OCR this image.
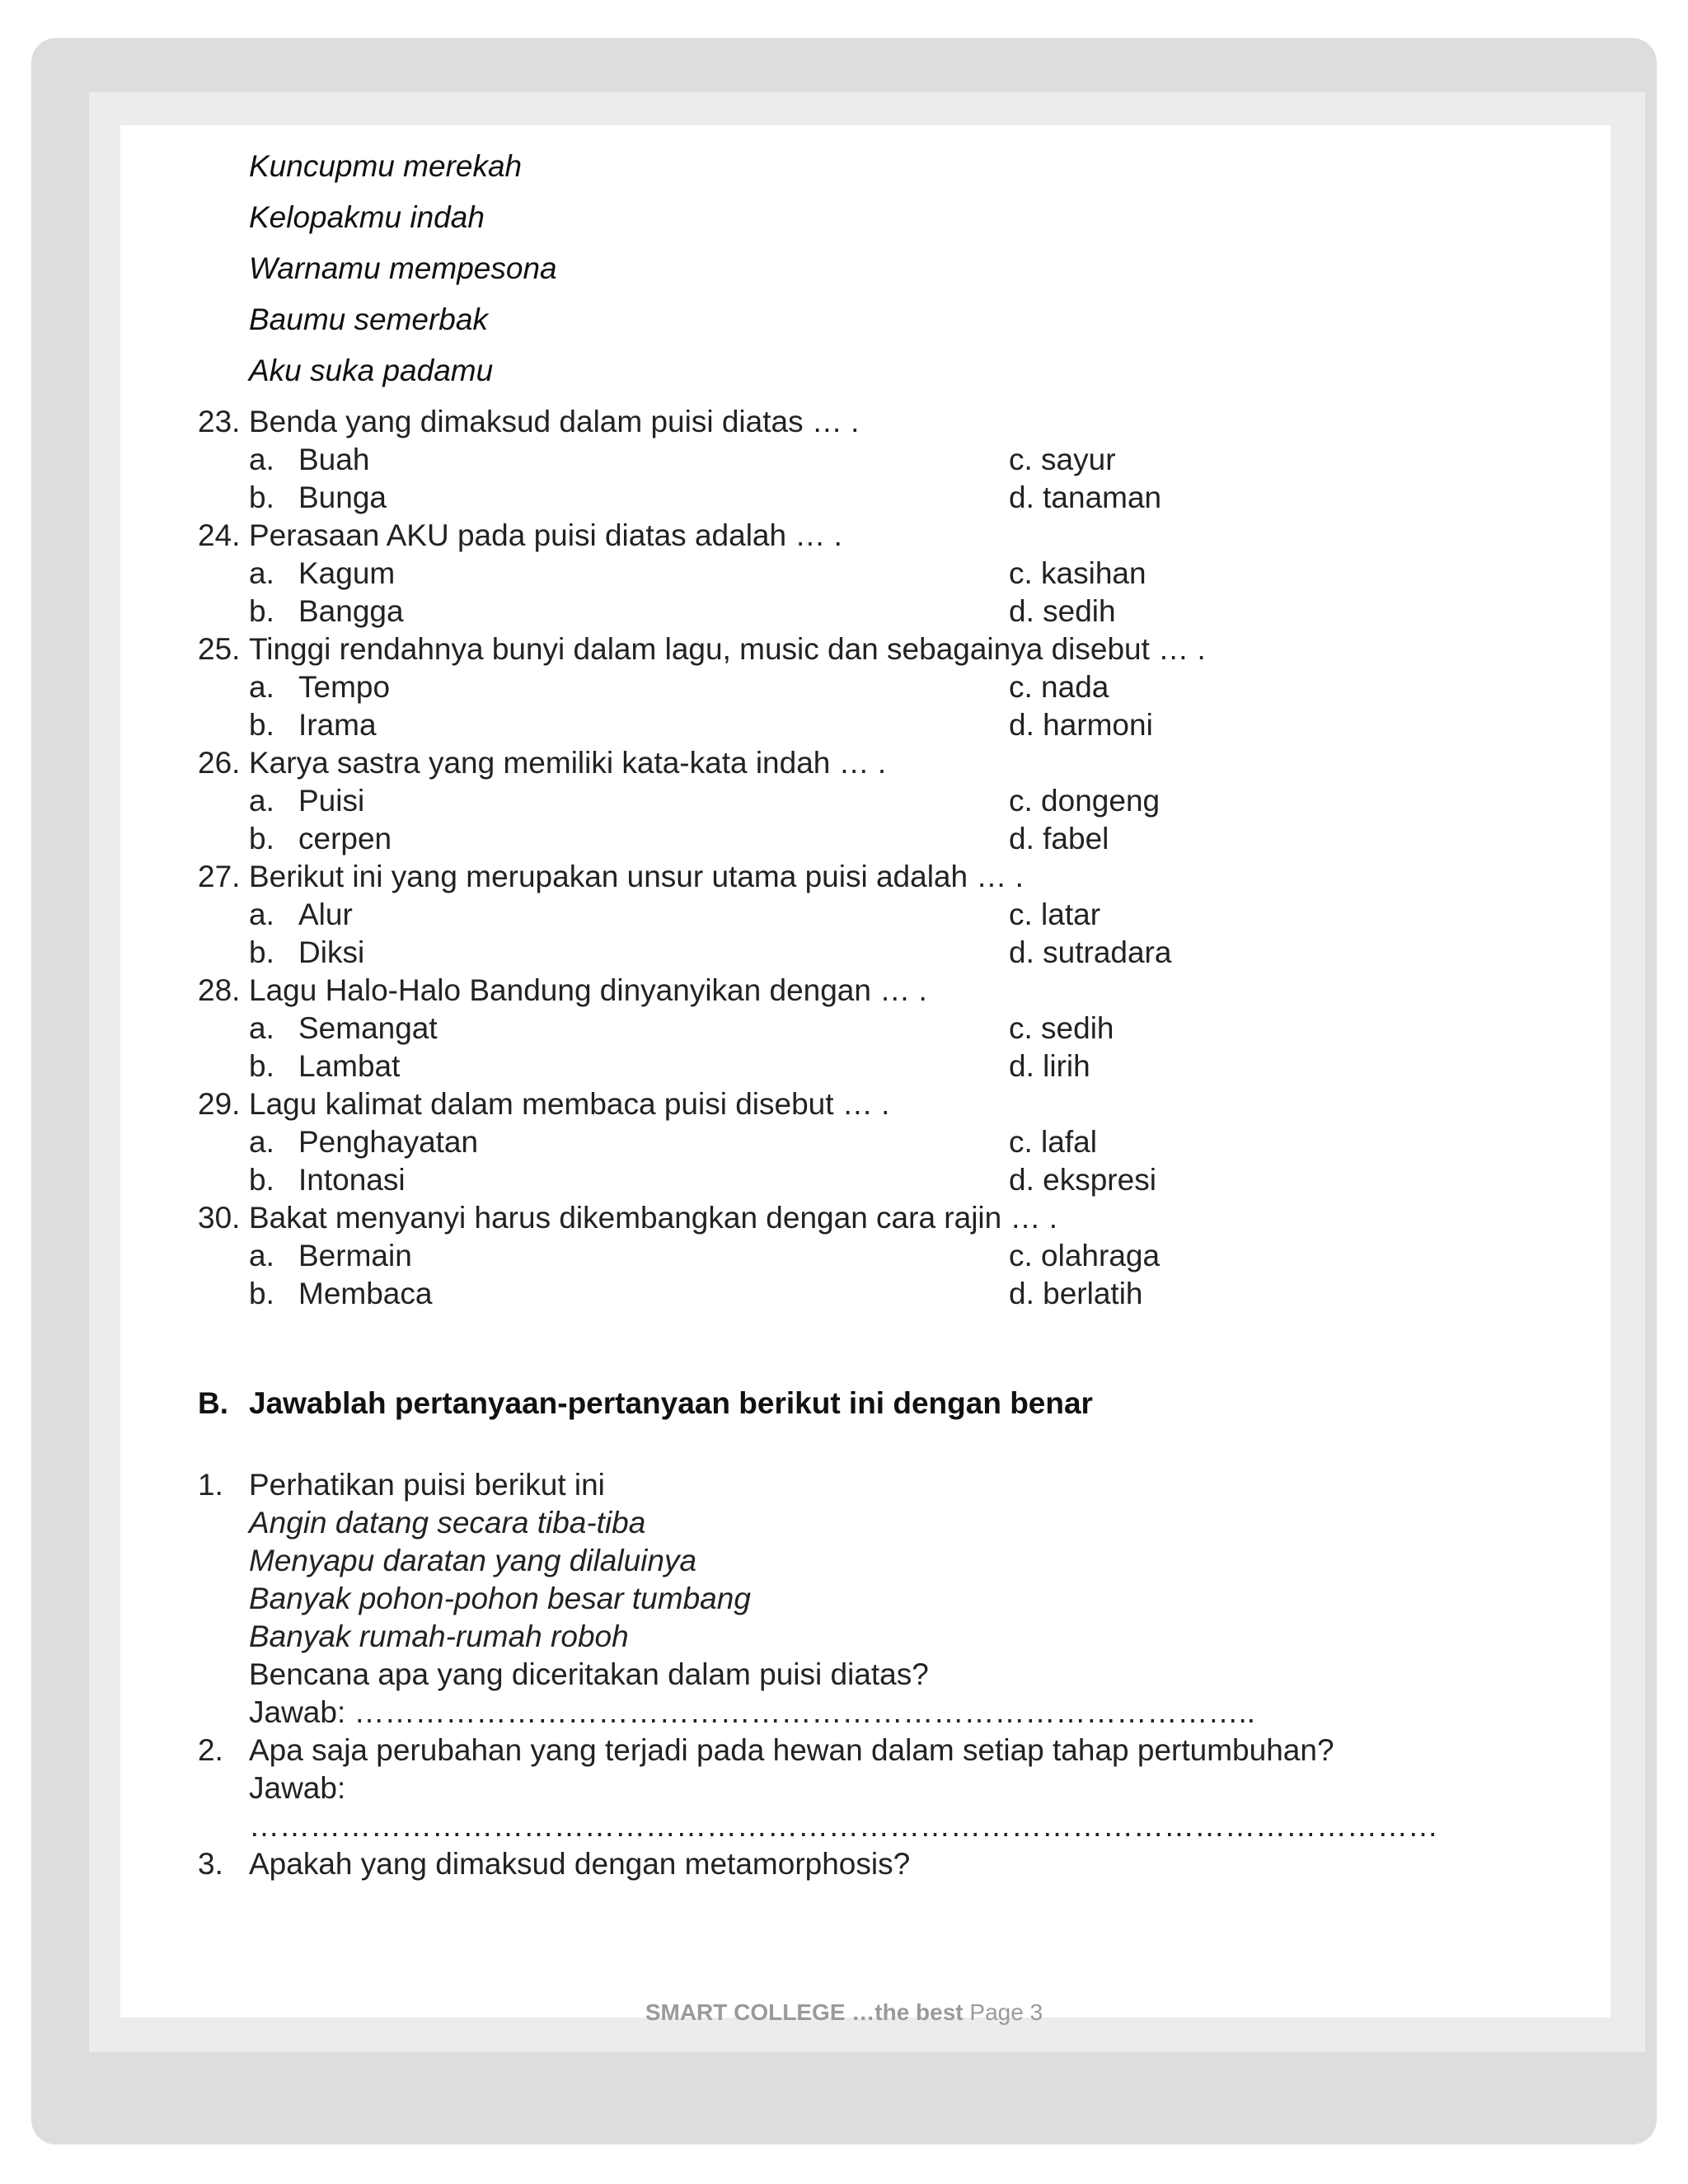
Kuncupmu merekah
Kelopakmu indah
Warnamu mempesona
Baumu semerbak
Aku suka padamu
23. Benda yang dimaksud dalam puisi diatas … .
a. Buah	c. sayur
b. Bunga	d. tanaman
24. Perasaan AKU pada puisi diatas adalah … .
a. Kagum	c. kasihan
b. Bangga	d. sedih
25. Tinggi rendahnya bunyi dalam lagu, music dan sebagainya disebut … .
a. Tempo	c. nada
b. Irama	d. harmoni
26. Karya sastra yang memiliki kata-kata indah … .
a. Puisi	c. dongeng
b. cerpen	d. fabel
27. Berikut ini yang merupakan unsur utama puisi adalah … .
a. Alur	c. latar
b. Diksi	d. sutradara
28. Lagu Halo-Halo Bandung dinyanyikan dengan … .
a. Semangat	c. sedih
b. Lambat	d. lirih
29. Lagu kalimat dalam membaca puisi disebut … .
a. Penghayatan	c. lafal
b. Intonasi	d. ekspresi
30. Bakat menyanyi harus dikembangkan dengan cara rajin … .
a. Bermain	c. olahraga
b. Membaca	d. berlatih
B. Jawablah pertanyaan-pertanyaan berikut ini dengan benar
1. Perhatikan puisi berikut ini
Angin datang secara tiba-tiba
Menyapu daratan yang dilaluinya
Banyak pohon-pohon besar tumbang
Banyak rumah-rumah roboh
Bencana apa yang diceritakan dalam puisi diatas?
Jawab: ……………………………………………………………………………..
2. Apa saja perubahan yang terjadi pada hewan dalam setiap tahap pertumbuhan?
Jawab:
………………………………………………………………………………………………………
3. Apakah yang dimaksud dengan metamorphosis?
SMART COLLEGE …the best Page 3
